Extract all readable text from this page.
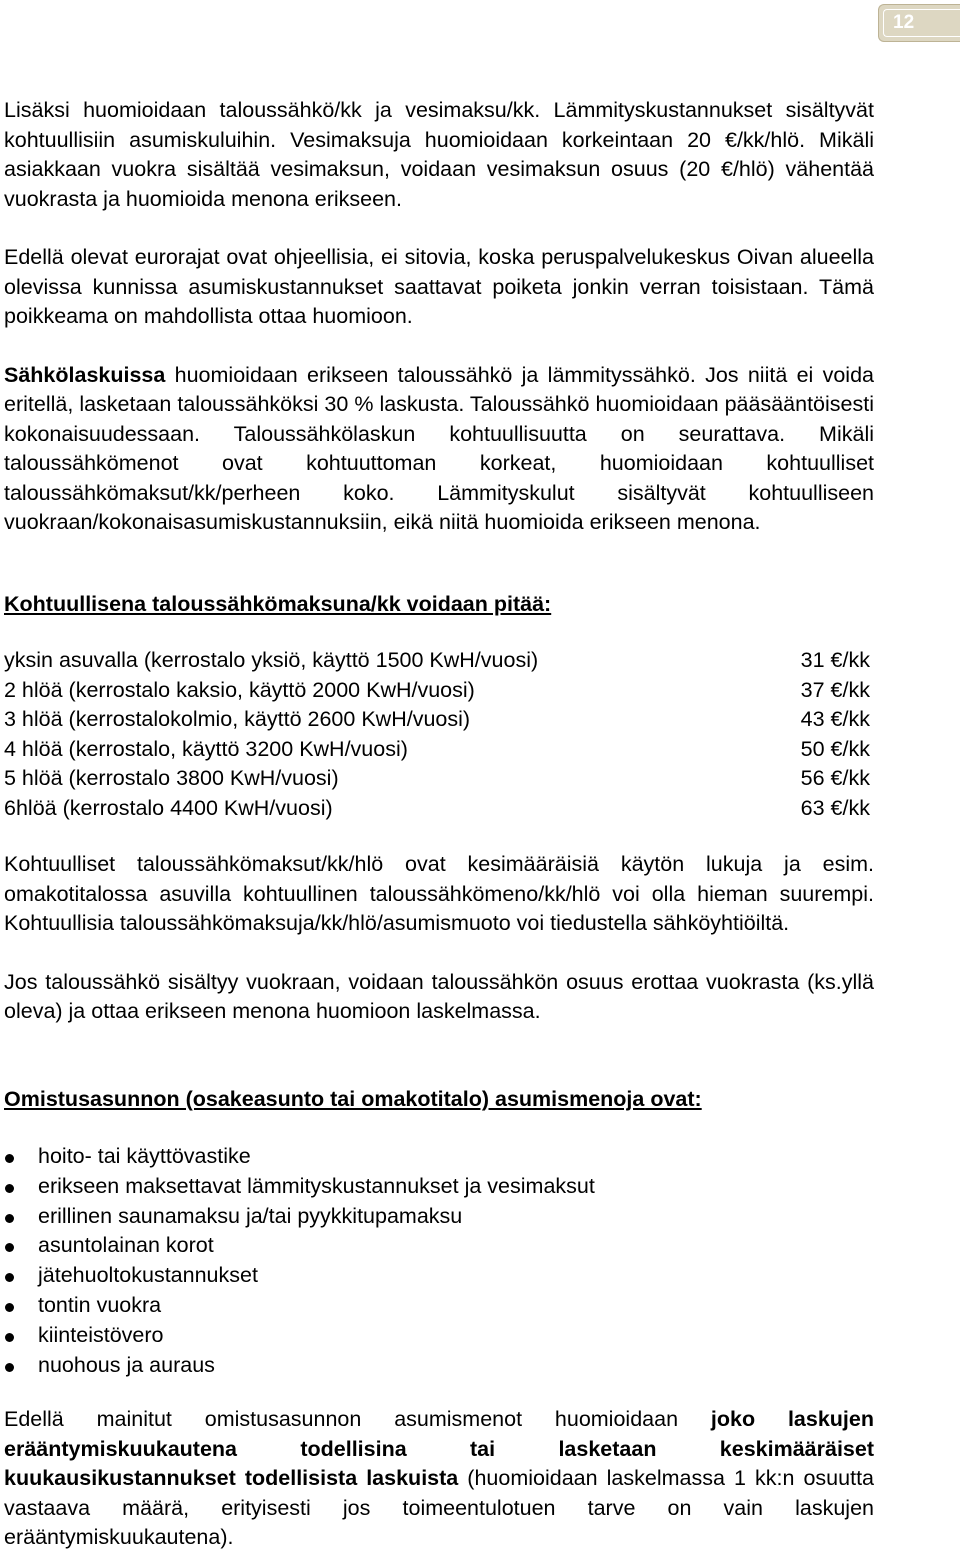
12

Lisäksi huomioidaan taloussähkö/kk ja vesimaksu/kk. Lämmityskustannukset sisältyvät kohtuullisiin asumiskuluihin. Vesimaksuja huomioidaan korkeintaan 20 €/kk/hlö. Mikäli asiakkaan vuokra sisältää vesimaksun, voidaan vesimaksun osuus (20 €/hlö) vähentää vuokrasta ja huomioida menona erikseen.

Edellä olevat eurorajat ovat ohjeellisia, ei sitovia, koska peruspalvelukeskus Oivan alueella olevissa kunnissa asumiskustannukset saattavat poiketa jonkin verran toisistaan. Tämä poikkeama on mahdollista ottaa huomioon.

Sähkölaskuissa huomioidaan erikseen taloussähkö ja lämmityssähkö. Jos niitä ei voida eritellä, lasketaan taloussähköksi 30 % laskusta. Taloussähkö huomioidaan pääsääntöisesti kokonaisuudessaan. Taloussähkölaskun kohtuullisuutta on seurattava. Mikäli taloussähkömenot ovat kohtuuttoman korkeat, huomioidaan kohtuulliset taloussähkömaksut/kk/perheen koko. Lämmityskulut sisältyvät kohtuulliseen vuokraan/kokonaisasumiskustannuksiin, eikä niitä huomioida erikseen menona.

Kohtuullisena taloussähkömaksuna/kk voidaan pitää:

yksin asuvalla (kerrostalo yksiö, käyttö 1500 KwH/vuosi)	31 €/kk
2 hlöä (kerrostalo kaksio, käyttö 2000 KwH/vuosi)	37 €/kk
3 hlöä (kerrostalokolmio, käyttö 2600 KwH/vuosi)	43 €/kk
4 hlöä (kerrostalo, käyttö 3200 KwH/vuosi)	50 €/kk
5 hlöä (kerrostalo 3800 KwH/vuosi)	56 €/kk
6hlöä (kerrostalo 4400 KwH/vuosi)	63 €/kk

Kohtuulliset taloussähkömaksut/kk/hlö ovat kesimääräisiä käytön lukuja ja esim. omakotitalossa asuvilla kohtuullinen taloussähkömeno/kk/hlö voi olla hieman suurempi. Kohtuullisia taloussähkömaksuja/kk/hlö/asumismuoto voi tiedustella sähköyhtiöiltä.

Jos taloussähkö sisältyy vuokraan, voidaan taloussähkön osuus erottaa vuokrasta (ks.yllä oleva) ja ottaa erikseen menona huomioon laskelmassa.

Omistusasunnon (osakeasunto tai omakotitalo) asumismenoja ovat:

hoito- tai käyttövastike
erikseen maksettavat lämmityskustannukset ja vesimaksut
erillinen saunamaksu ja/tai pyykkitupamaksu
asuntolainan korot
jätehuoltokustannukset
tontin vuokra
kiinteistövero
nuohous ja auraus

Edellä mainitut omistusasunnon asumismenot huomioidaan joko laskujen erääntymiskuukautena todellisina tai lasketaan keskimääräiset kuukausikustannukset todellisista laskuista (huomioidaan laskelmassa 1 kk:n osuutta vastaava määrä, erityisesti jos toimeentulotuen tarve on vain laskujen erääntymiskuukautena).
